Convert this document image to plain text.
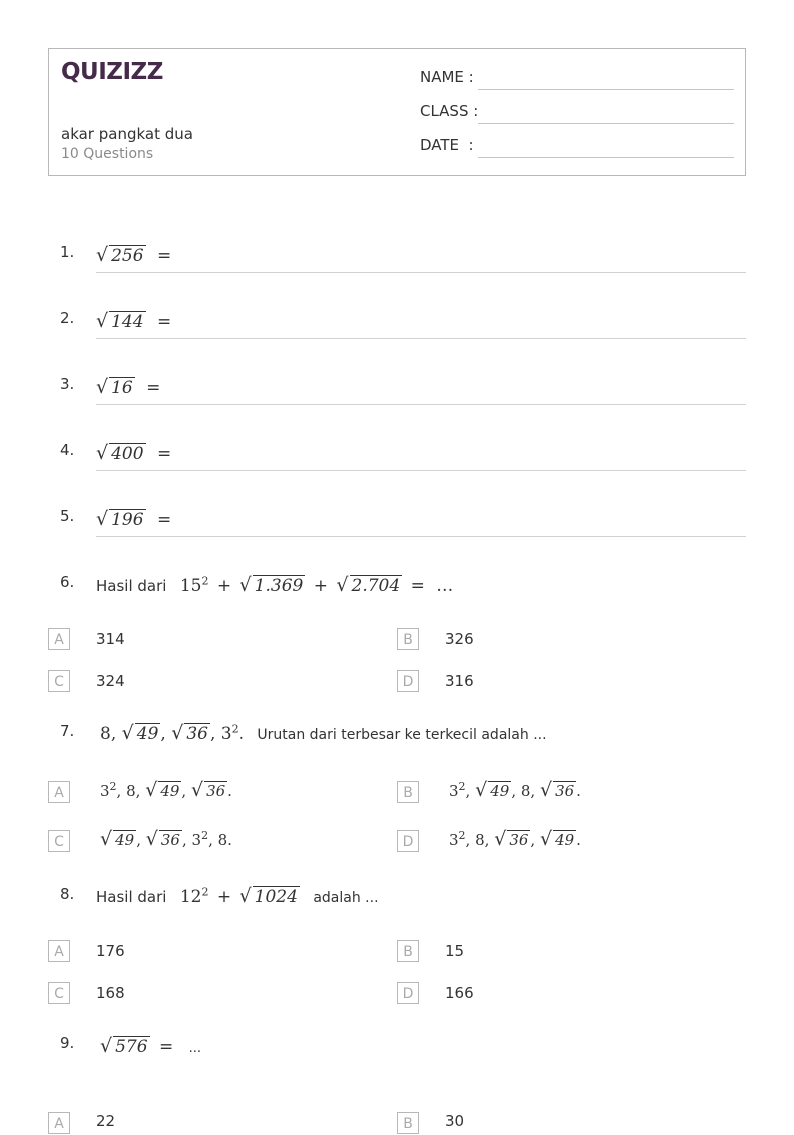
QUIZIZZ
akar pangkat dua
10 Questions
NAME :
CLASS :
DATE  :
1. √ 256 =
2. √ 144 =
3. √ 16 =
4. √ 400 =
5. √ 196 =
6. Hasil dari $15^2$ + √ 1.369 + √ 2.704 = …
A	314	B	326
C	324	D	316
7. 8, √ 49 , √ 36 , $3^2$. Urutan dari terbesar ke terkecil adalah ...
A	$3^2$, 8, √ 49 , √ 36 .	B	$3^2$, √ 49 , 8, √ 36 .
C	√ 49 , √ 36 , $3^2$, 8.	D	$3^2$, 8, √ 36 , √ 49 .
8. Hasil dari $12^2$ + √ 1024 adalah ...
A	176	B	15
C	168	D	166
9. √ 576 = ...
A	22	B	30
